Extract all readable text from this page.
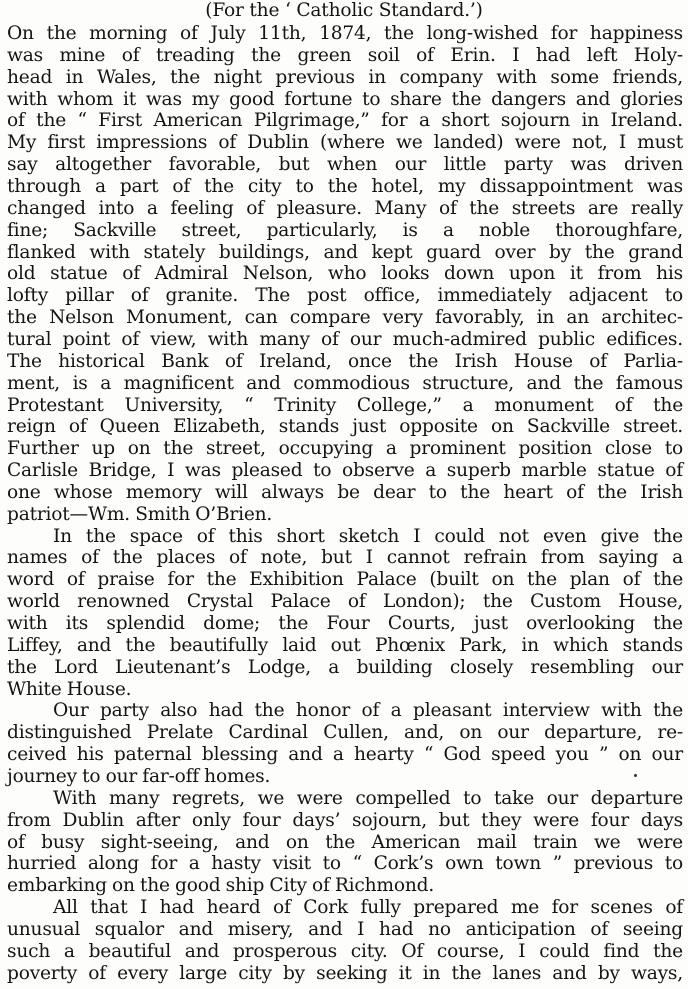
(For the ‘ Catholic Standard.’)
On the morning of July 11th, 1874, the long-wished for happiness
was mine of treading the green soil of Erin. I had left Holy-
head in Wales, the night previous in company with some friends,
with whom it was my good fortune to share the dangers and glories
of the “ First American Pilgrimage,” for a short sojourn in Ireland.
My first impressions of Dublin (where we landed) were not, I must
say altogether favorable, but when our little party was driven
through a part of the city to the hotel, my dissappointment was
changed into a feeling of pleasure. Many of the streets are really
fine; Sackville street, particularly, is a noble thoroughfare,
flanked with stately buildings, and kept guard over by the grand
old statue of Admiral Nelson, who looks down upon it from his
lofty pillar of granite. The post office, immediately adjacent to
the Nelson Monument, can compare very favorably, in an architec-
tural point of view, with many of our much-admired public edifices.
The historical Bank of Ireland, once the Irish House of Parlia-
ment, is a magnificent and commodious structure, and the famous
Protestant University, “ Trinity College,” a monument of the
reign of Queen Elizabeth, stands just opposite on Sackville street.
Further up on the street, occupying a prominent position close to
Carlisle Bridge, I was pleased to observe a superb marble statue of
one whose memory will always be dear to the heart of the Irish
patriot—Wm. Smith O’Brien.
In the space of this short sketch I could not even give the
names of the places of note, but I cannot refrain from saying a
word of praise for the Exhibition Palace (built on the plan of the
world renowned Crystal Palace of London); the Custom House,
with its splendid dome; the Four Courts, just overlooking the
Liffey, and the beautifully laid out Phœnix Park, in which stands
the Lord Lieutenant’s Lodge, a building closely resembling our
White House.
Our party also had the honor of a pleasant interview with the
distinguished Prelate Cardinal Cullen, and, on our departure, re-
ceived his paternal blessing and a hearty “ God speed you ” on our
journey to our far-off homes.
With many regrets, we were compelled to take our departure
from Dublin after only four days’ sojourn, but they were four days
of busy sight-seeing, and on the American mail train we were
hurried along for a hasty visit to “ Cork’s own town ” previous to
embarking on the good ship City of Richmond.
All that I had heard of Cork fully prepared me for scenes of
unusual squalor and misery, and I had no anticipation of seeing
such a beautiful and prosperous city. Of course, I could find the
poverty of every large city by seeking it in the lanes and by ways,
